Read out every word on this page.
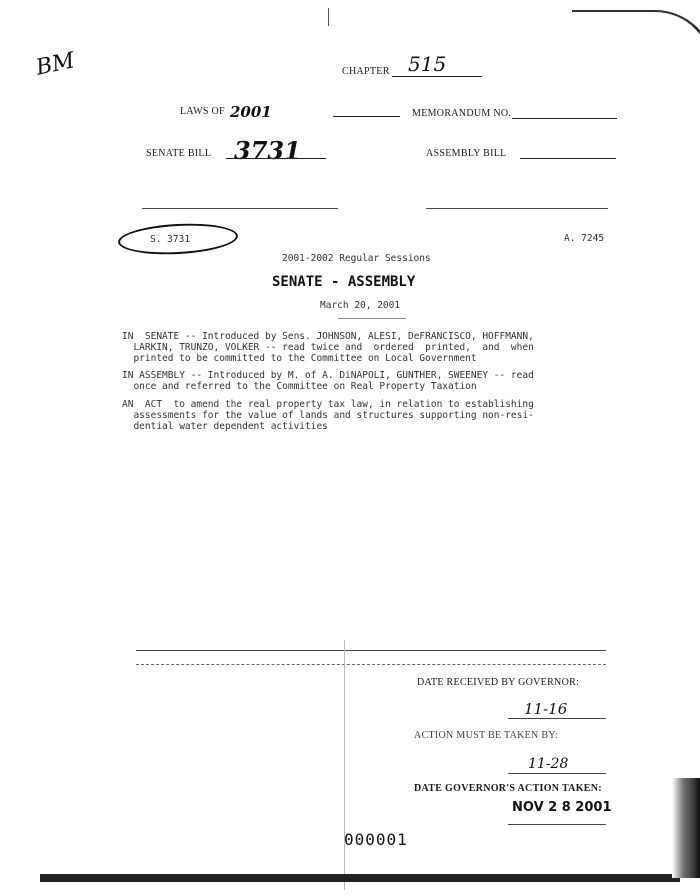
BM	CHAPTER 515
LAWS OF 2001	MEMORANDUM NO.
SENATE BILL 3731	ASSEMBLY BILL
S. 3731	A. 7245
2001-2002 Regular Sessions
SENATE - ASSEMBLY
March 20, 2001
IN  SENATE -- Introduced by Sens. JOHNSON, ALESI, DeFRANCISCO, HOFFMANN,
LARKIN, TRUNZO, VOLKER -- read twice and  ordered  printed,  and  when
printed to be committed to the Committee on Local Government
IN ASSEMBLY -- Introduced by M. of A. DiNAPOLI, GUNTHER, SWEENEY -- read
once and referred to the Committee on Real Property Taxation
AN  ACT  to amend the real property tax law, in relation to establishing
assessments for the value of lands and structures supporting non-resi-
dential water dependent activities
DATE RECEIVED BY GOVERNOR:
11-16
ACTION MUST BE TAKEN BY:
11-28
DATE GOVERNOR'S ACTION TAKEN:
NOV 2 8 2001
000001
